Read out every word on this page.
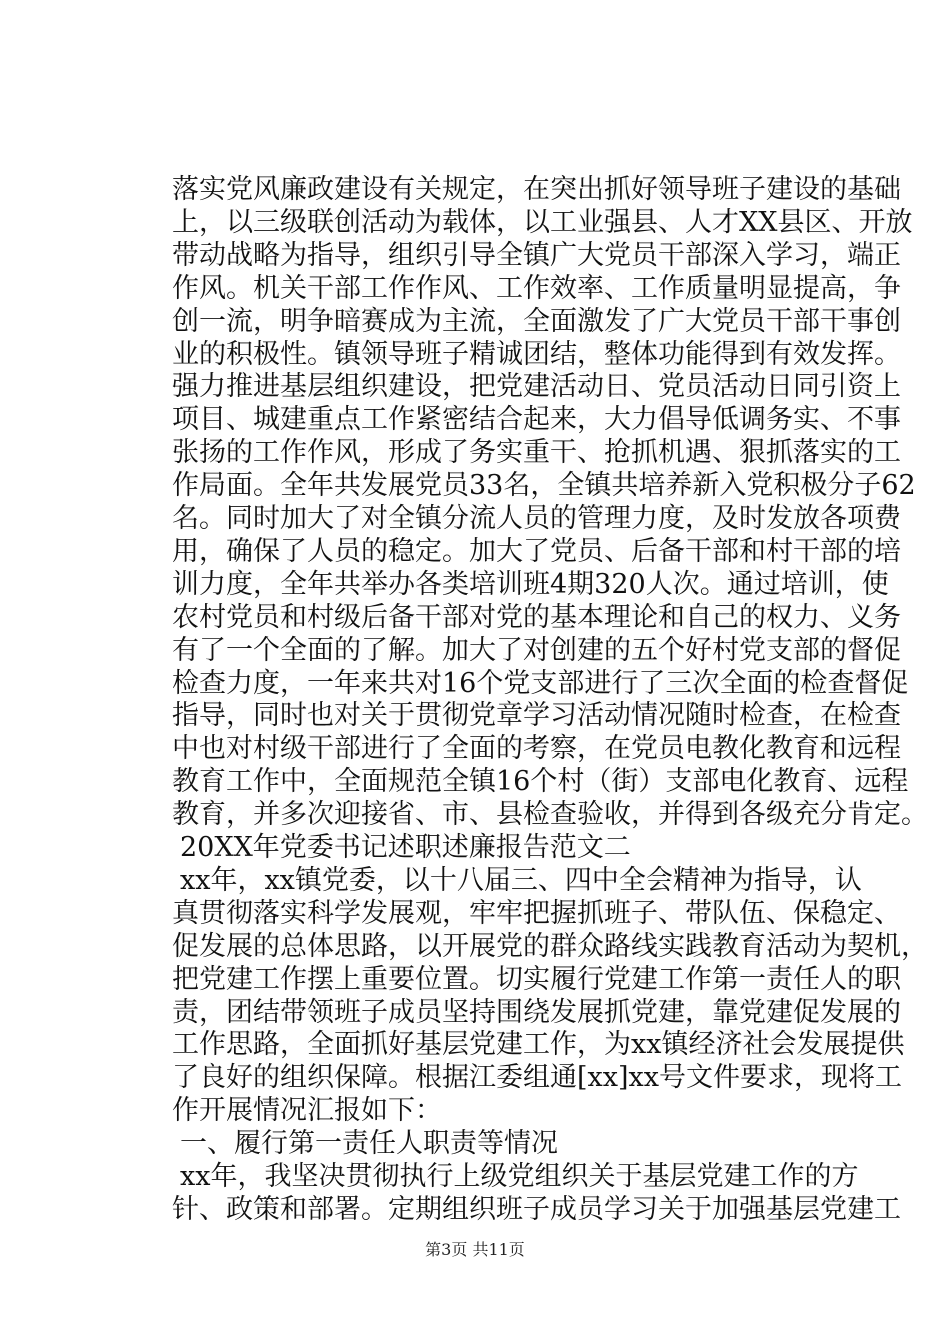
落实党风廉政建设有关规定，在突出抓好领导班子建设的基础
上，以三级联创活动为载体，以工业强县、人才XX县区、开放
带动战略为指导，组织引导全镇广大党员干部深入学习，端正
作风。机关干部工作作风、工作效率、工作质量明显提高，争
创一流，明争暗赛成为主流，全面激发了广大党员干部干事创
业的积极性。镇领导班子精诚团结，整体功能得到有效发挥。
强力推进基层组织建设，把党建活动日、党员活动日同引资上
项目、城建重点工作紧密结合起来，大力倡导低调务实、不事
张扬的工作作风，形成了务实重干、抢抓机遇、狠抓落实的工
作局面。全年共发展党员33名，全镇共培养新入党积极分子62
名。同时加大了对全镇分流人员的管理力度，及时发放各项费
用，确保了人员的稳定。加大了党员、后备干部和村干部的培
训力度，全年共举办各类培训班4期320人次。通过培训，使
农村党员和村级后备干部对党的基本理论和自己的权力、义务
有了一个全面的了解。加大了对创建的五个好村党支部的督促
检查力度，一年来共对16个党支部进行了三次全面的检查督促
指导，同时也对关于贯彻党章学习活动情况随时检查，在检查
中也对村级干部进行了全面的考察，在党员电教化教育和远程
教育工作中，全面规范全镇16个村（街）支部电化教育、远程
教育，并多次迎接省、市、县检查验收，并得到各级充分肯定。
20XX年党委书记述职述廉报告范文二
xx年，xx镇党委，以十八届三、四中全会精神为指导，认
真贯彻落实科学发展观，牢牢把握抓班子、带队伍、保稳定、
促发展的总体思路，以开展党的群众路线实践教育活动为契机，
把党建工作摆上重要位置。切实履行党建工作第一责任人的职
责，团结带领班子成员坚持围绕发展抓党建，靠党建促发展的
工作思路，全面抓好基层党建工作，为xx镇经济社会发展提供
了良好的组织保障。根据江委组通[xx]xx号文件要求，现将工
作开展情况汇报如下：
一、履行第一责任人职责等情况
xx年，我坚决贯彻执行上级党组织关于基层党建工作的方
针、政策和部署。定期组织班子成员学习关于加强基层党建工
第3页 共11页
